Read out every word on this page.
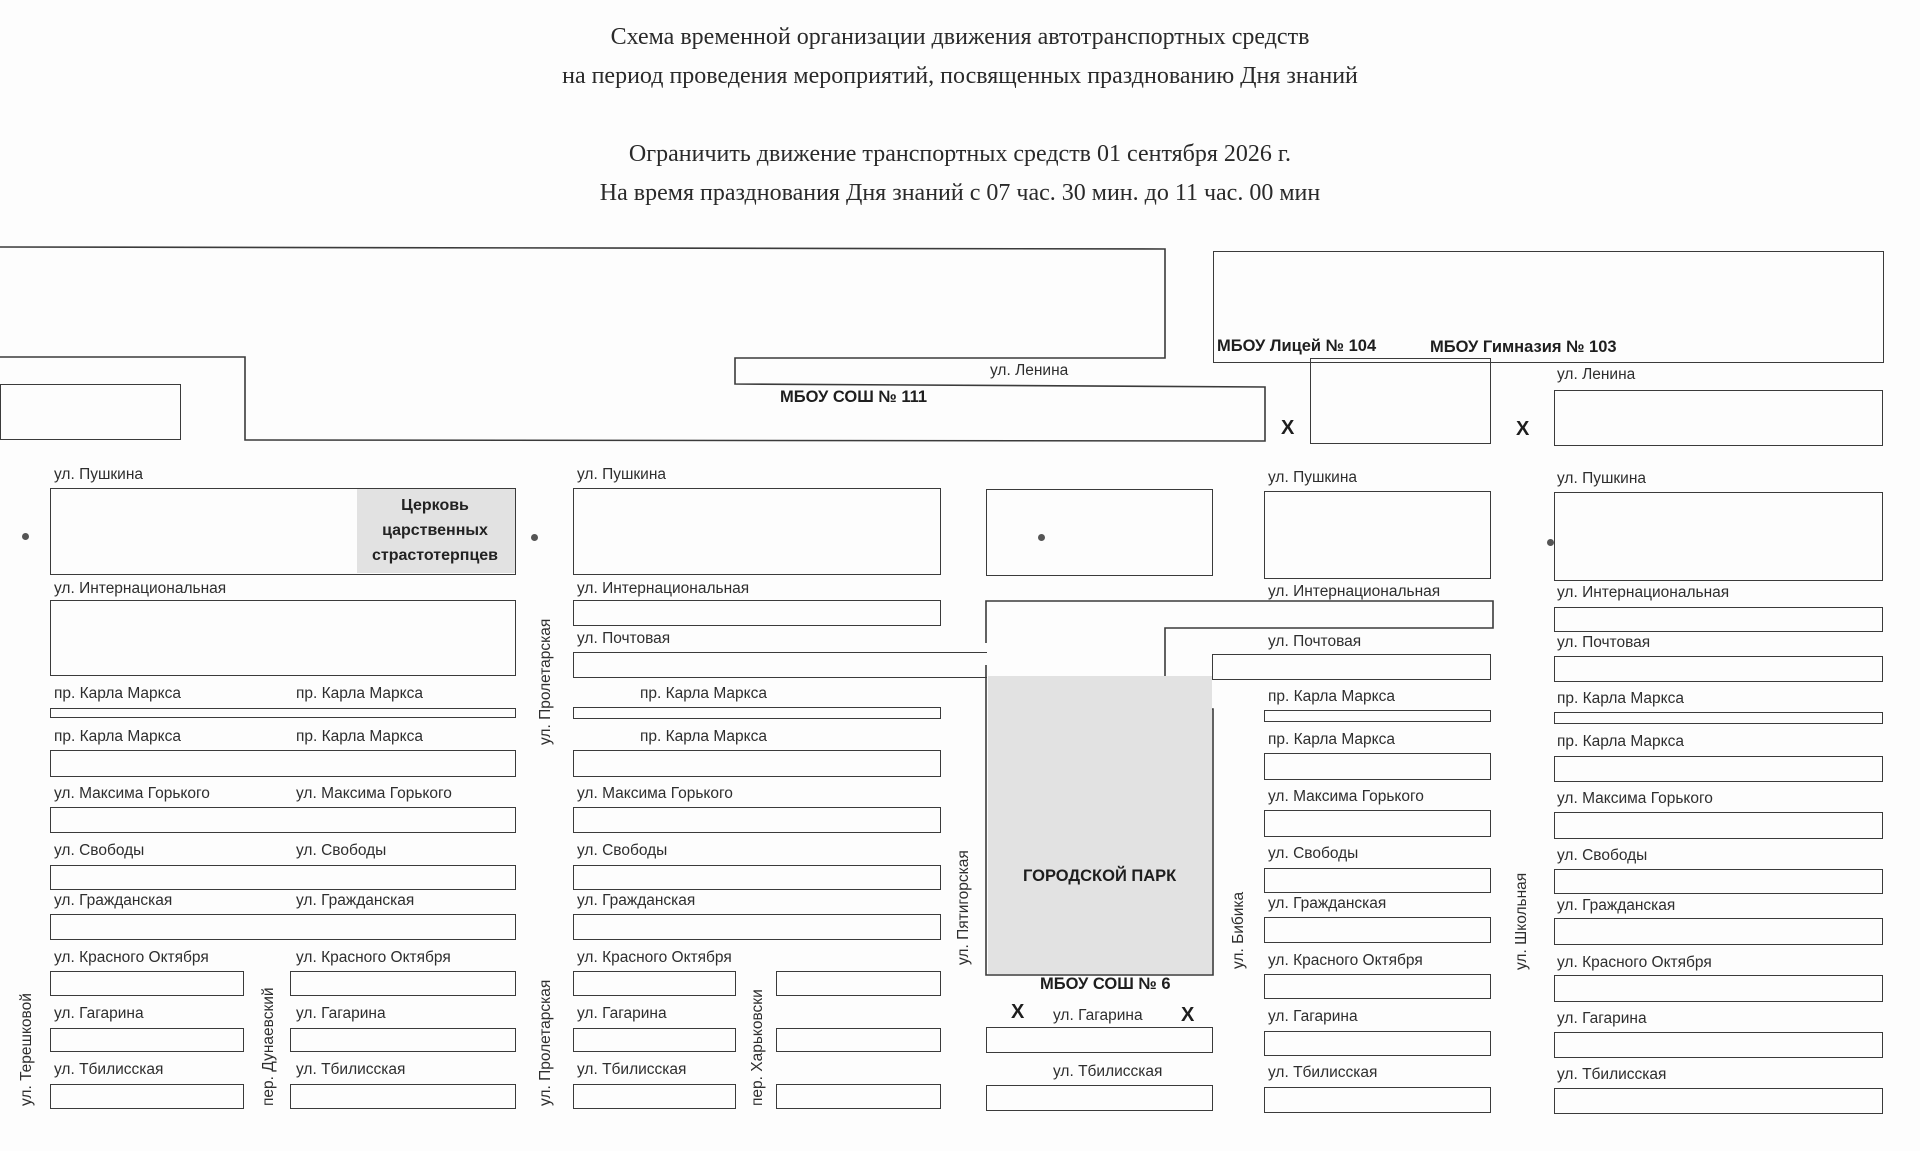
Схема временной организации движения автотранспортных средств
на период проведения мероприятий, посвященных празднованию Дня знаний
Ограничить движение транспортных средств 01 сентября 2026 г.
На время празднования Дня знаний с 07 час. 30 мин. до 11 час. 00 мин
МБОУ СОШ № 111
МБОУ Лицей № 104	МБОУ Гимназия № 103
МБОУ СОШ № 6
ГОРОДСКОЙ ПАРК
Церковь
царственных
страстотерпцев
X	X
X	X
ул. Ленина	ул. Ленина
ул. Пушкина	ул. Пушкина	ул. Пушкина	ул. Пушкина
ул. Интернациональная	ул. Интернациональная	ул. Интернациональная	ул. Интернациональная
ул. Почтовая	ул. Почтовая	ул. Почтовая
пр. Карла Маркса	пр. Карла Маркса	пр. Карла Маркса	пр. Карла Маркса	пр. Карла Маркса
пр. Карла Маркса	пр. Карла Маркса	пр. Карла Маркса	пр. Карла Маркса	пр. Карла Маркса
ул. Максима Горького	ул. Максима Горького	ул. Максима Горького	ул. Максима Горького	ул. Максима Горького
ул. Свободы	ул. Свободы	ул. Свободы	ул. Свободы	ул. Свободы
ул. Гражданская	ул. Гражданская	ул. Гражданская	ул. Гражданская	ул. Гражданская
ул. Красного Октября	ул. Красного Октября	ул. Красного Октября	ул. Красного Октября	ул. Красного Октября
ул. Гагарина	ул. Гагарина	ул. Гагарина	ул. Гагарина	ул. Гагарина	ул. Гагарина
ул. Тбилисская	ул. Тбилисская	ул. Тбилисская	ул. Тбилисская	ул. Тбилисская	ул. Тбилисская
ул. Терешковой	пер. Дунаевский
ул. Пролетарская
ул. Пролетарская	пер. Харьковски
ул. Пятигорская	ул. Бибика	ул. Школьная
